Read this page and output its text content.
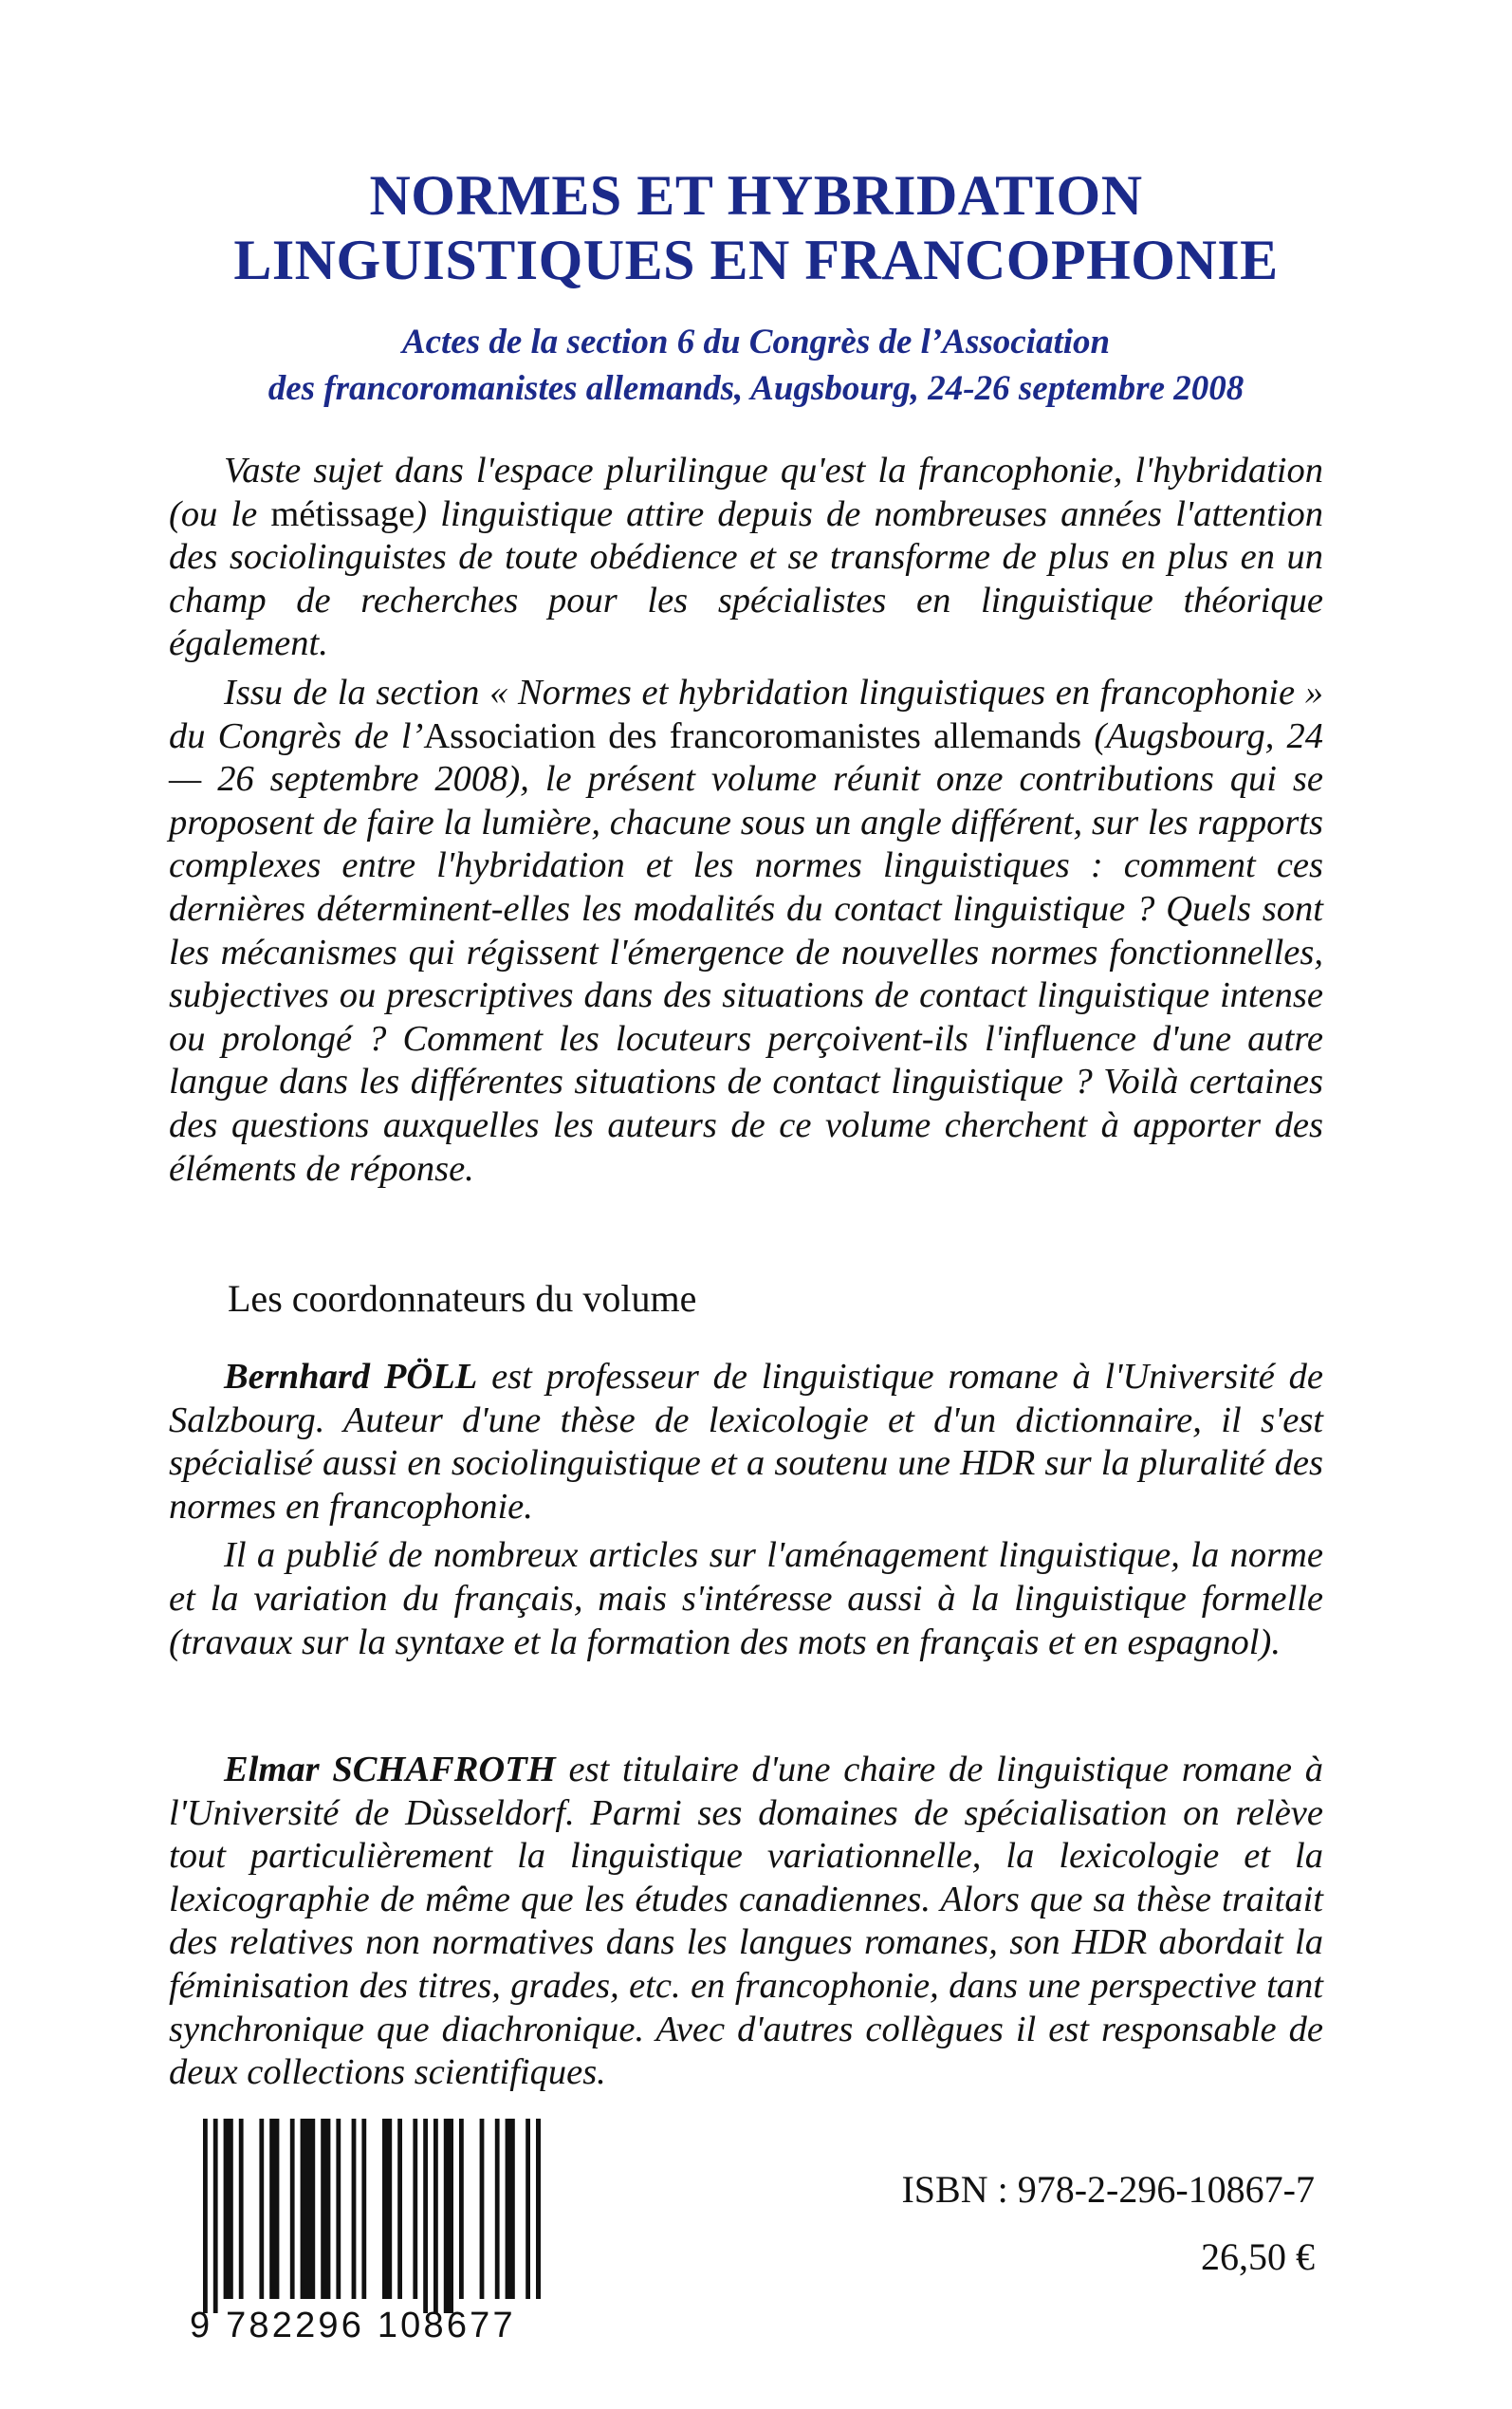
NORMES ET HYBRIDATION
LINGUISTIQUES EN FRANCOPHONIE
Actes de la section 6 du Congrès de l’Association
des francoromanistes allemands, Augsbourg, 24-26 septembre 2008

Vaste sujet dans l'espace plurilingue qu'est la francophonie, l'hybridation (ou le métissage) linguistique attire depuis de nombreuses années l'attention des sociolinguistes de toute obédience et se transforme de plus en plus en un champ de recherches pour les spécialistes en linguistique théorique également.

Issu de la section « Normes et hybridation linguistiques en francophonie » du Congrès de l’Association des francoromanistes allemands (Augsbourg, 24 — 26 septembre 2008), le présent volume réunit onze contributions qui se proposent de faire la lumière, chacune sous un angle différent, sur les rapports complexes entre l'hybridation et les normes linguistiques : comment ces dernières déterminent-elles les modalités du contact linguistique ? Quels sont les mécanismes qui régissent l'émergence de nouvelles normes fonctionnelles, subjectives ou prescriptives dans des situations de contact linguistique intense ou prolongé ? Comment les locuteurs perçoivent-ils l'influence d'une autre langue dans les différentes situations de contact linguistique ? Voilà certaines des questions auxquelles les auteurs de ce volume cherchent à apporter des éléments de réponse.

Les coordonnateurs du volume

Bernhard PÖLL est professeur de linguistique romane à l'Université de Salzbourg. Auteur d'une thèse de lexicologie et d'un dictionnaire, il s'est spécialisé aussi en sociolinguistique et a soutenu une HDR sur la pluralité des normes en francophonie.

Il a publié de nombreux articles sur l'aménagement linguistique, la norme et la variation du français, mais s'intéresse aussi à la linguistique formelle (travaux sur la syntaxe et la formation des mots en français et en espagnol).

Elmar SCHAFROTH est titulaire d'une chaire de linguistique romane à l'Université de Dùsseldorf. Parmi ses domaines de spécialisation on relève tout particulièrement la linguistique variationnelle, la lexicologie et la lexicographie de même que les études canadiennes. Alors que sa thèse traitait des relatives non normatives dans les langues romanes, son HDR abordait la féminisation des titres, grades, etc. en francophonie, dans une perspective tant synchronique que diachronique. Avec d'autres collègues il est responsable de deux collections scientifiques.

9 782296 108677
ISBN : 978-2-296-10867-7
26,50 €
